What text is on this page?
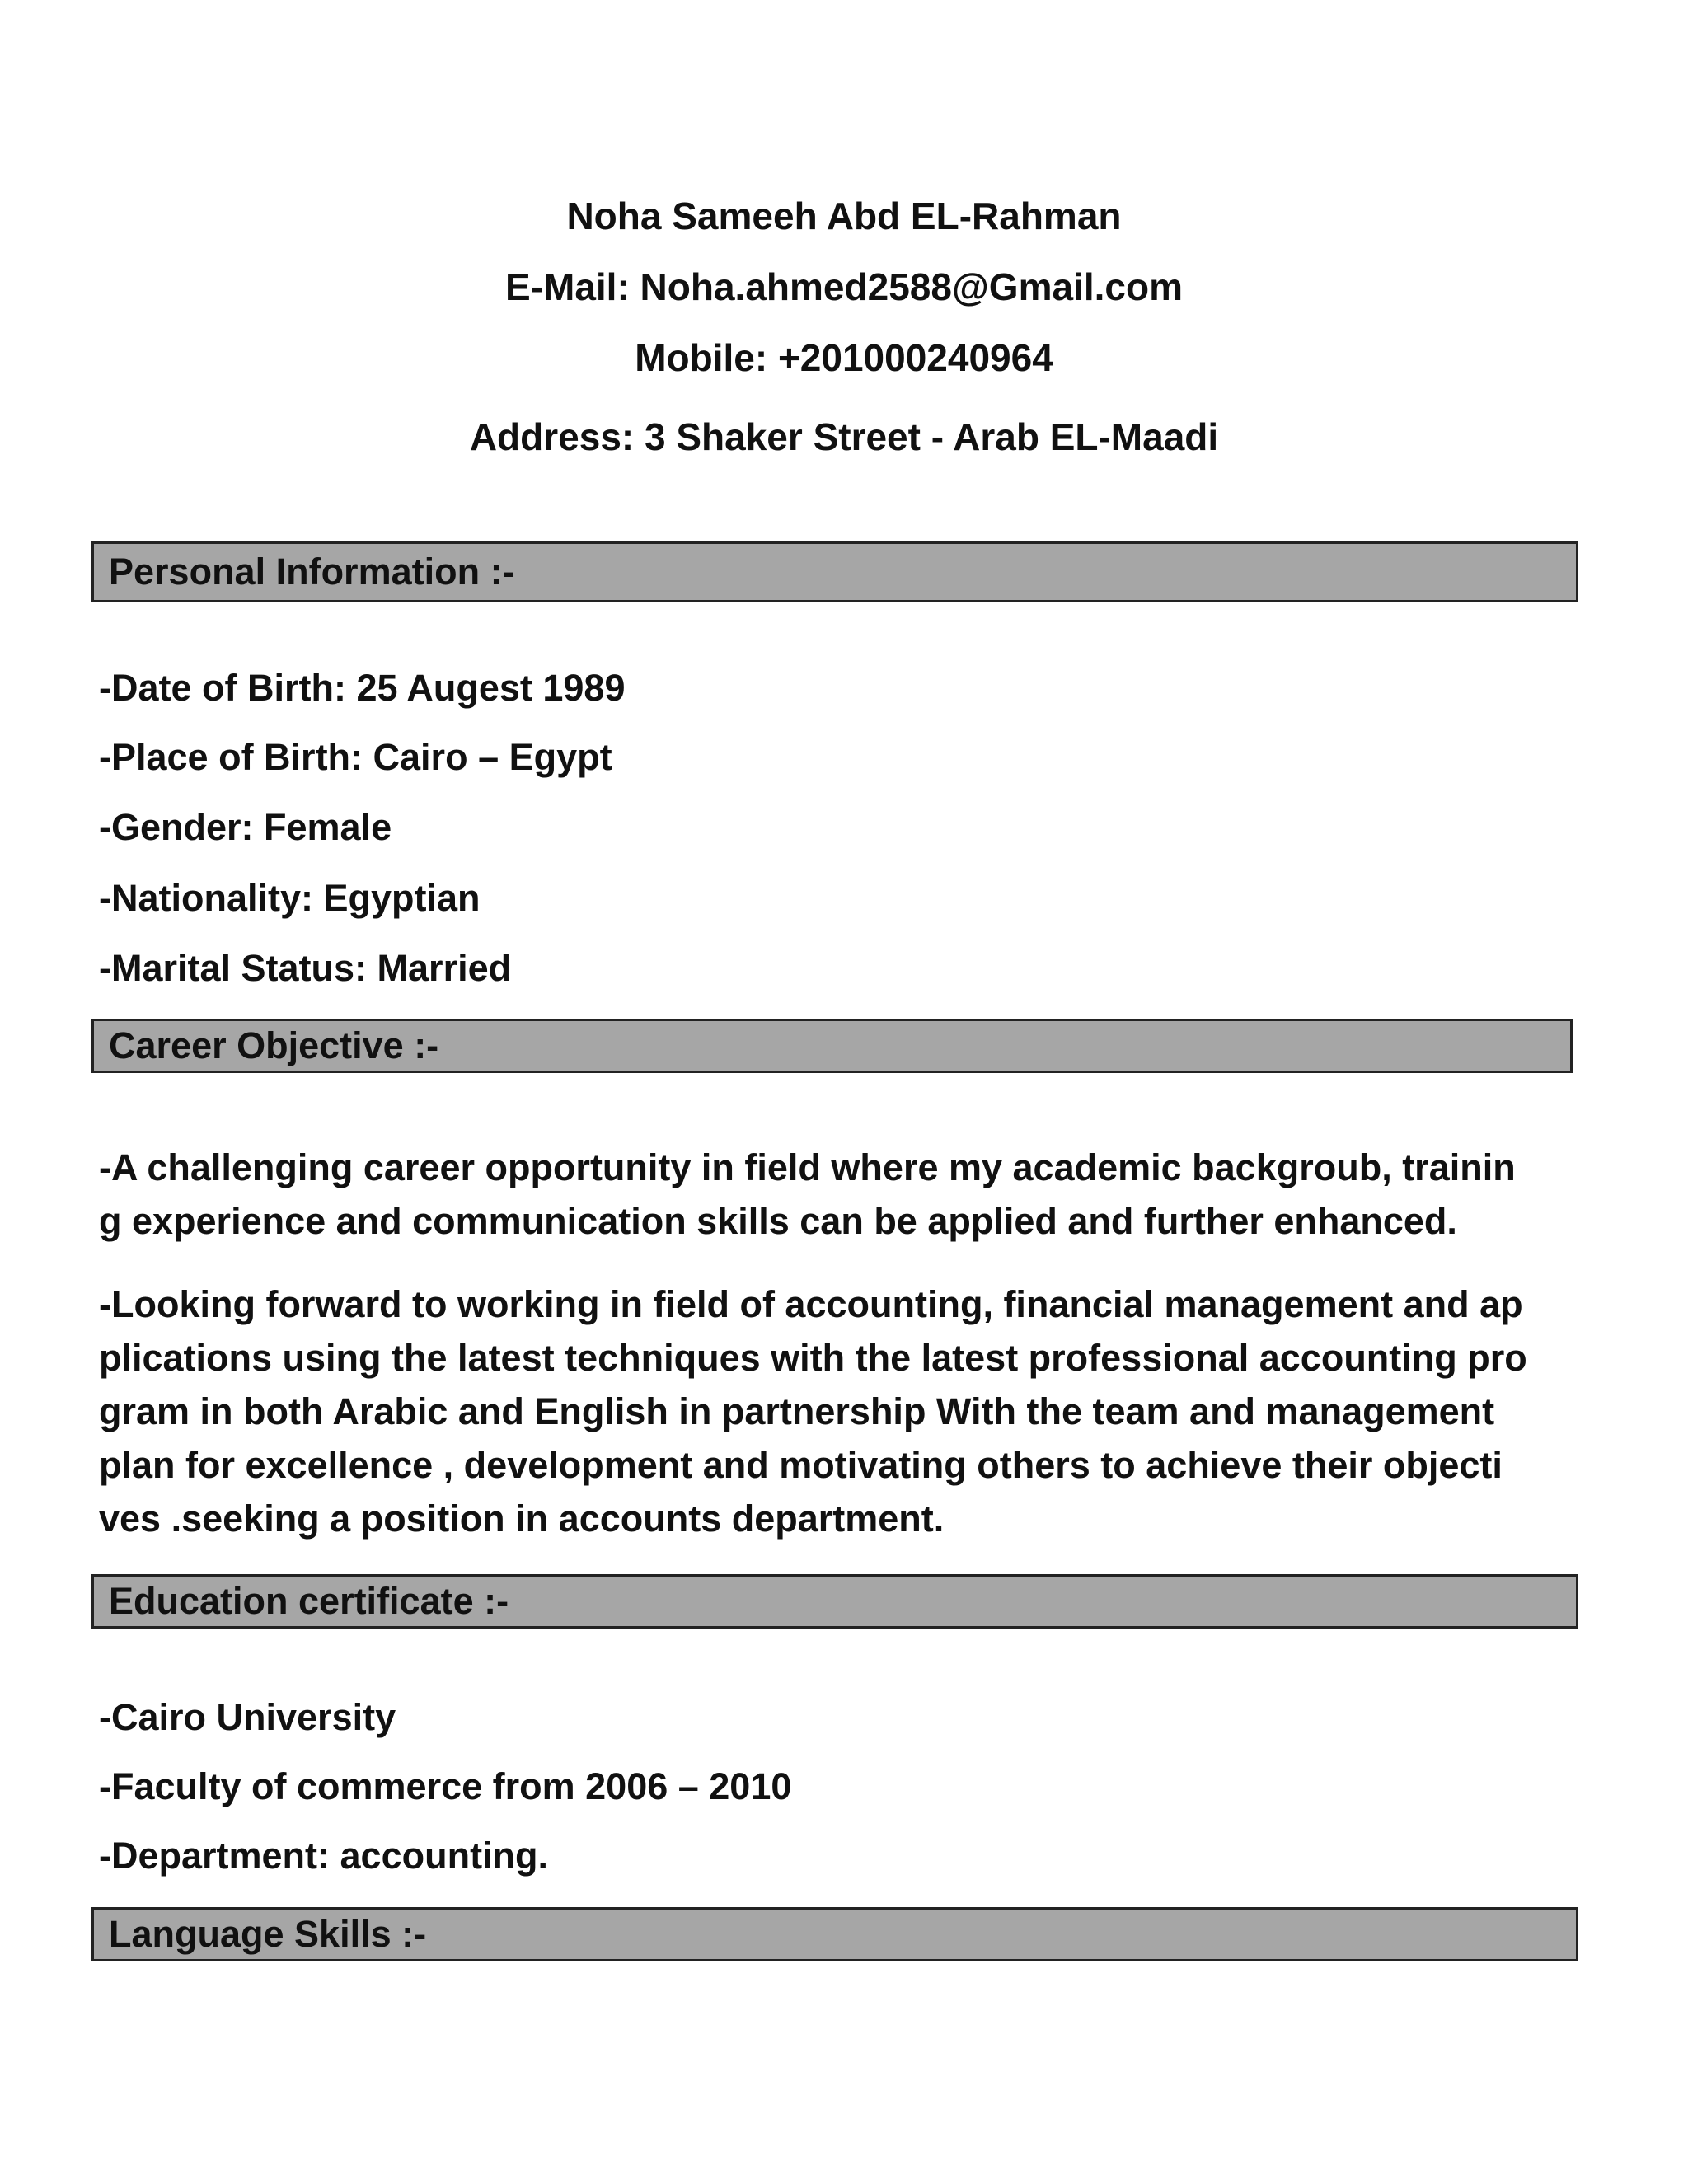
Noha Sameeh Abd EL-Rahman
E-Mail: Noha.ahmed2588@Gmail.com
Mobile: +201000240964
Address: 3 Shaker Street - Arab EL-Maadi
Personal Information :-
-Date of Birth: 25 Augest 1989
-Place of Birth: Cairo – Egypt
-Gender: Female
-Nationality: Egyptian
-Marital Status: Married
Career Objective :-
-A challenging career opportunity in field where my academic backgroub, trainin
g experience and communication skills can be applied and further enhanced.
-Looking forward to working in field of accounting, financial management and ap
plications using the latest techniques with the latest professional accounting pro
gram in both Arabic and English in partnership With the team and management
plan for excellence , development and motivating others to achieve their objecti
ves .seeking a position in accounts department.
Education certificate :-
-Cairo University
-Faculty of commerce from 2006 – 2010
-Department: accounting.
Language Skills :-
